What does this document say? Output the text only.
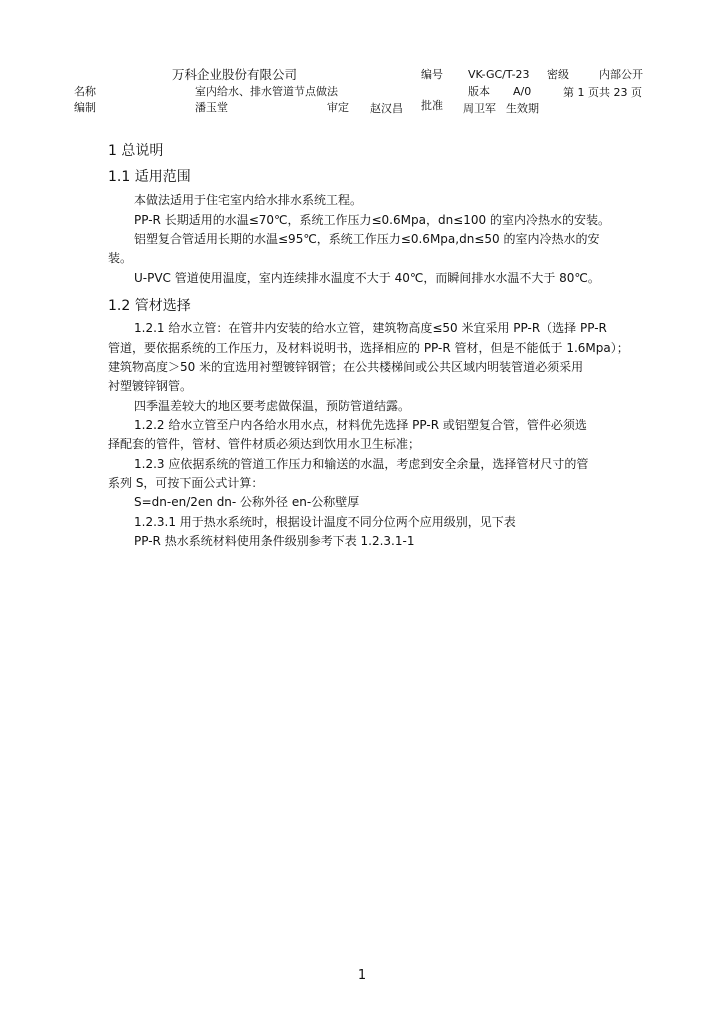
万科企业股份有限公司	编号 VK-GC/T-23 密级	内部公开
名称	室内给水、排水管道节点做法	版本 A/0	第 1 页共 23 页
编制	潘玉堂	审定 赵汉昌 批准 周卫军 生效期
1 总说明
1.1 适用范围
本做法适用于住宅室内给水排水系统工程。
PP-R 长期适用的水温≤70℃，系统工作压力≤0.6Mpa，dn≤100 的室内冷热水的安装。
铝塑复合管适用长期的水温≤95℃，系统工作压力≤0.6Mpa,dn≤50 的室内冷热水的安
装。
U-PVC 管道使用温度，室内连续排水温度不大于 40℃，而瞬间排水水温不大于 80℃。
1.2 管材选择
1.2.1 给水立管：在管井内安装的给水立管，建筑物高度≤50 米宜采用 PP-R（选择 PP-R
管道，要依据系统的工作压力，及材料说明书，选择相应的 PP-R 管材，但是不能低于 1.6Mpa）；
建筑物高度＞50 米的宜选用衬塑镀锌钢管；在公共楼梯间或公共区域内明装管道必须采用
衬塑镀锌钢管。
四季温差较大的地区要考虑做保温，预防管道结露。
1.2.2 给水立管至户内各给水用水点，材料优先选择 PP-R 或铝塑复合管，管件必须选
择配套的管件，管材、管件材质必须达到饮用水卫生标准；
1.2.3 应依据系统的管道工作压力和输送的水温，考虑到安全余量，选择管材尺寸的管
系列 S，可按下面公式计算：
S=dn-en/2en dn- 公称外径 en-公称壁厚
1.2.3.1 用于热水系统时，根据设计温度不同分位两个应用级别，见下表
PP-R 热水系统材料使用条件级别参考下表 1.2.3.1-1
1
